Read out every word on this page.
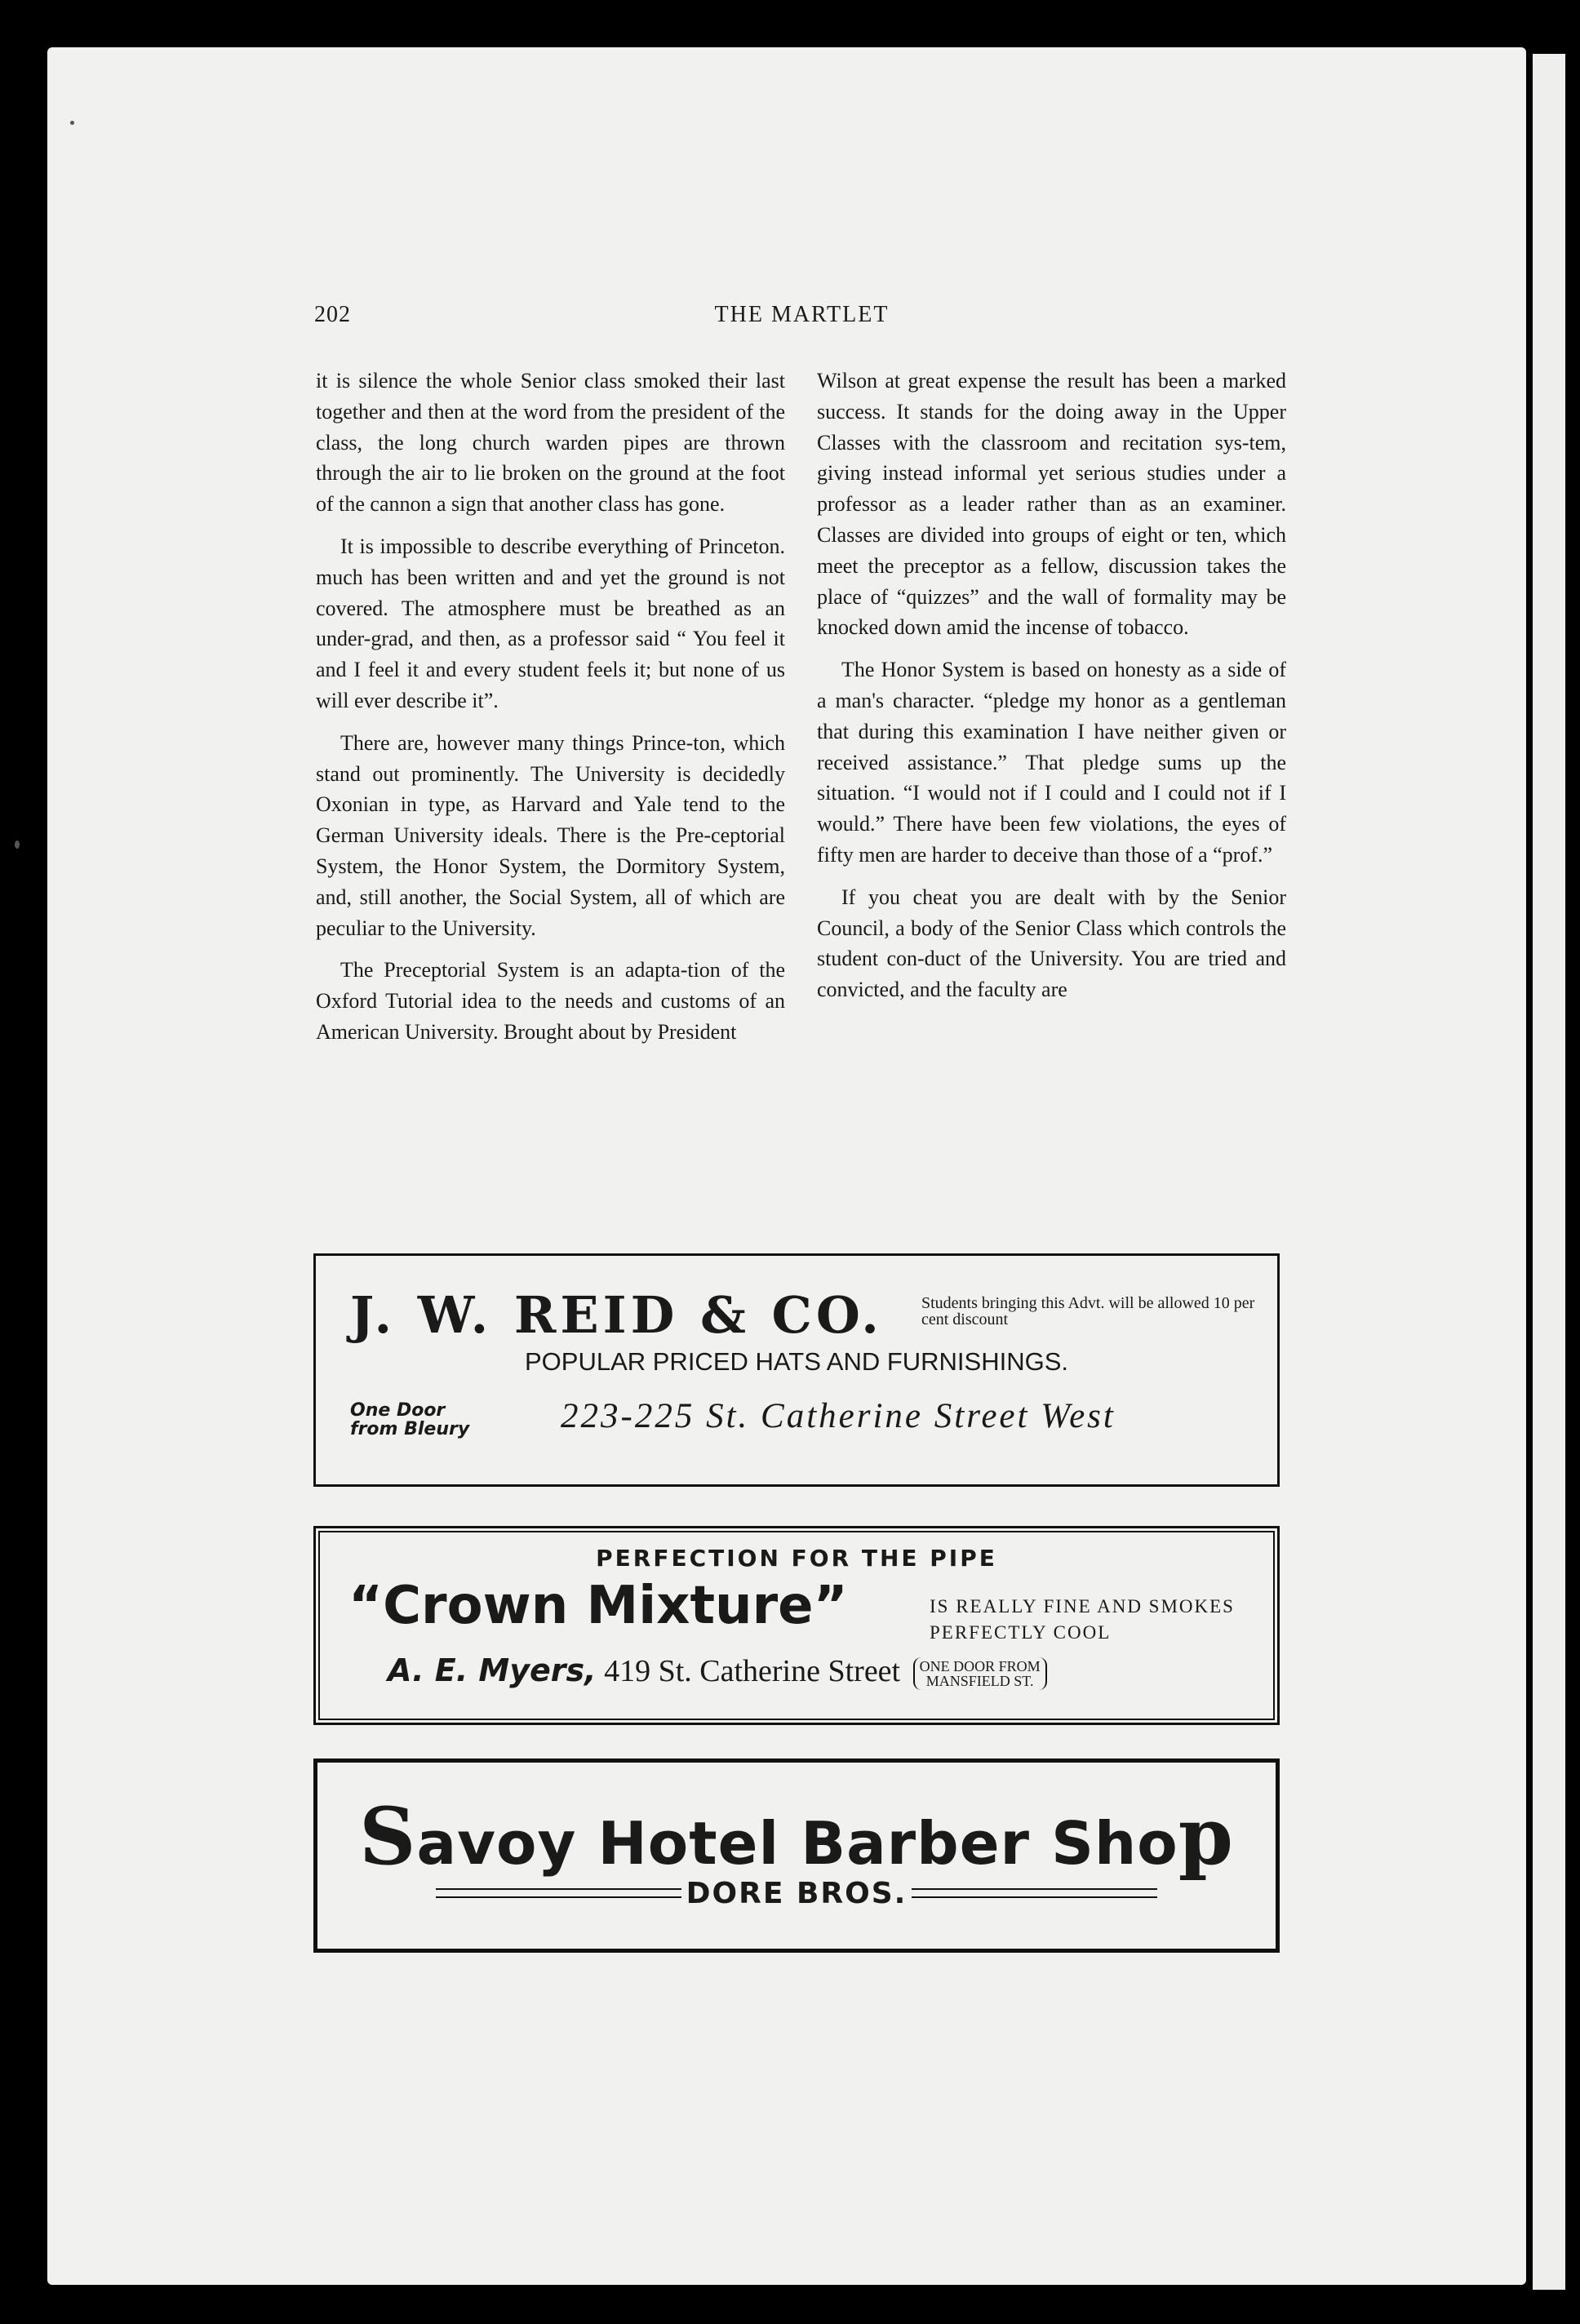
202	THE MARTLET

it is silence the whole Senior class smoked their last together and then at the word from the president of the class, the long church warden pipes are thrown through the air to lie broken on the ground at the foot of the cannon a sign that another class has gone.

It is impossible to describe everything of Princeton. much has been written and and yet the ground is not covered. The atmosphere must be breathed as an under-grad, and then, as a professor said “ You feel it and I feel it and every student feels it; but none of us will ever describe it”.

There are, however many things Prince-ton, which stand out prominently. The University is decidedly Oxonian in type, as Harvard and Yale tend to the German University ideals. There is the Pre-ceptorial System, the Honor System, the Dormitory System, and, still another, the Social System, all of which are peculiar to the University.

The Preceptorial System is an adapta-tion of the Oxford Tutorial idea to the needs and customs of an American University. Brought about by President

Wilson at great expense the result has been a marked success. It stands for the doing away in the Upper Classes with the classroom and recitation sys-tem, giving instead informal yet serious studies under a professor as a leader rather than as an examiner. Classes are divided into groups of eight or ten, which meet the preceptor as a fellow, discussion takes the place of “quizzes” and the wall of formality may be knocked down amid the incense of tobacco.

The Honor System is based on honesty as a side of a man's character. “pledge my honor as a gentleman that during this examination I have neither given or received assistance.” That pledge sums up the situation. “I would not if I could and I could not if I would.” There have been few violations, the eyes of fifty men are harder to deceive than those of a “prof.”

If you cheat you are dealt with by the Senior Council, a body of the Senior Class which controls the student con-duct of the University. You are tried and convicted, and the faculty are

J. W. REID & CO. Students bringing this Advt. will be allowed 10 per cent discount
POPULAR PRICED HATS AND FURNISHINGS.
One Door
from Bleury	223-225 St. Catherine Street West
PERFECTION FOR THE PIPE
“Crown Mixture”	IS REALLY FINE AND SMOKES
PERFECTLY COOL
A. E. Myers, 419 St. Catherine Street ONE DOOR FROM
MANSFIELD ST.
Savoy Hotel Barber Shop
DORE BROS.
